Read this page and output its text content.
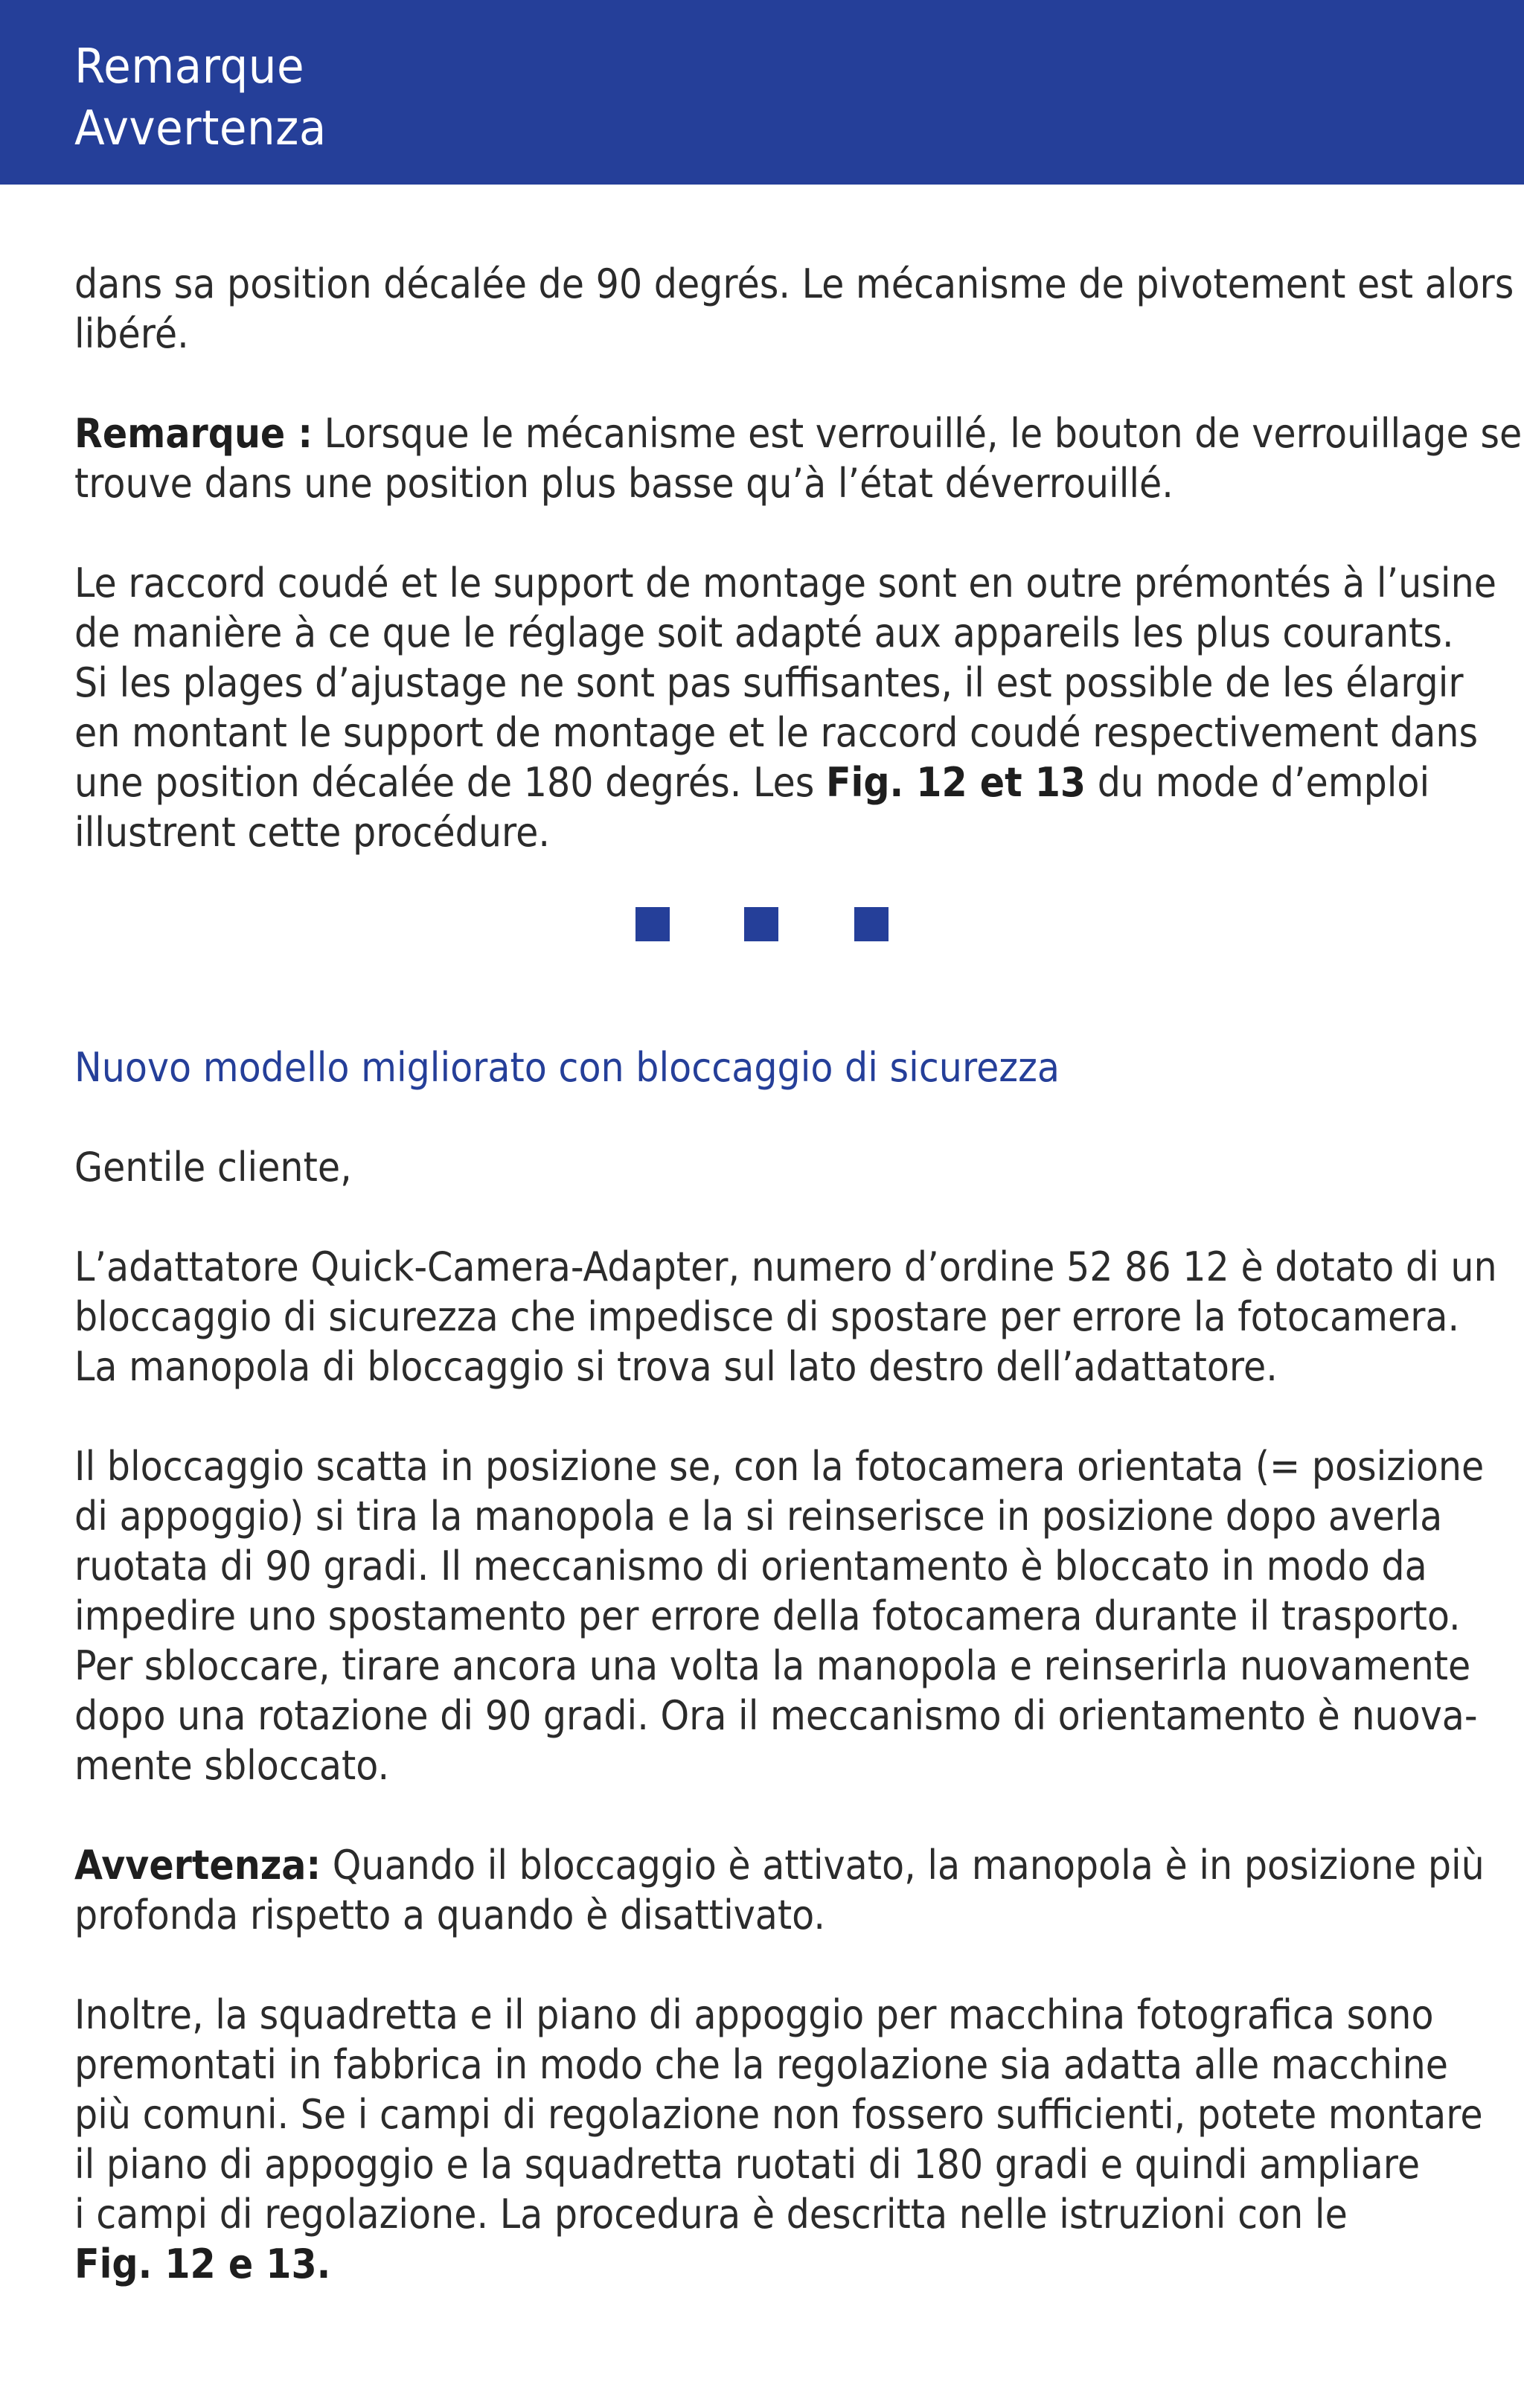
Remarque
Avvertenza
dans sa position décalée de 90 degrés. Le mécanisme de pivotement est alors
libéré.
Remarque : Lorsque le mécanisme est verrouillé, le bouton de verrouillage se
trouve dans une position plus basse qu’à l’état déverrouillé.
Le raccord coudé et le support de montage sont en outre prémontés à l’usine
de manière à ce que le réglage soit adapté aux appareils les plus courants.
Si les plages d’ajustage ne sont pas suffisantes, il est possible de les élargir
en montant le support de montage et le raccord coudé respectivement dans
une position décalée de 180 degrés. Les Fig. 12 et 13 du mode d’emploi
illustrent cette procédure.
Nuovo modello migliorato con bloccaggio di sicurezza
Gentile cliente,
L’adattatore Quick-Camera-Adapter, numero d’ordine 52 86 12 è dotato di un
bloccaggio di sicurezza che impedisce di spostare per errore la fotocamera.
La manopola di bloccaggio si trova sul lato destro dell’adattatore.
Il bloccaggio scatta in posizione se, con la fotocamera orientata (= posizione
di appoggio) si tira la manopola e la si reinserisce in posizione dopo averla
ruotata di 90 gradi. Il meccanismo di orientamento è bloccato in modo da
impedire uno spostamento per errore della fotocamera durante il trasporto.
Per sbloccare, tirare ancora una volta la manopola e reinserirla nuovamente
dopo una rotazione di 90 gradi. Ora il meccanismo di orientamento è nuova-
mente sbloccato.
Avvertenza: Quando il bloccaggio è attivato, la manopola è in posizione più
profonda rispetto a quando è disattivato.
Inoltre, la squadretta e il piano di appoggio per macchina fotografica sono
premontati in fabbrica in modo che la regolazione sia adatta alle macchine
più comuni. Se i campi di regolazione non fossero sufficienti, potete montare
il piano di appoggio e la squadretta ruotati di 180 gradi e quindi ampliare
i campi di regolazione. La procedura è descritta nelle istruzioni con le
Fig. 12 e 13.
